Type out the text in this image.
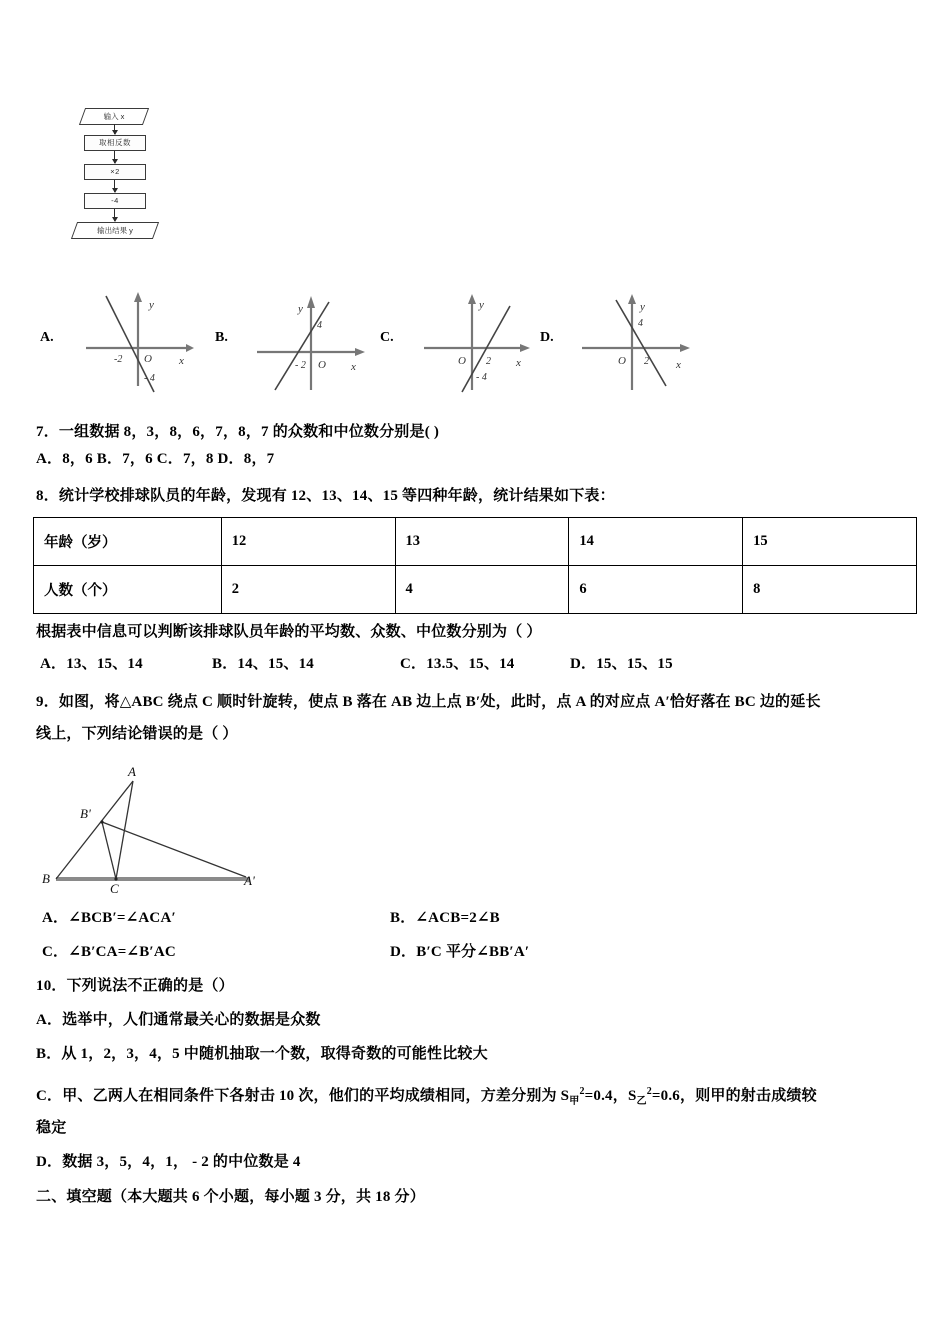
输入 x
取相反数
×2
-4
输出结果 y
A.
-2 O x
y
- 4
B.
- 2 O x
y
4
C.
O 2 x
y
- 4
D.
O 2 x
y
4
7．一组数据 8，3，8，6，7，8，7 的众数和中位数分别是( )
A．8，6 B．7，6 C．7，8 D．8，7
8．统计学校排球队员的年龄，发现有 12、13、14、15 等四种年龄，统计结果如下表：
年龄（岁）	12	13	14	15
人数（个）	2	4	6	8
根据表中信息可以判断该排球队员年龄的平均数、众数、中位数分别为（ ）
A．13、15、14	B．14、15、14	C．13.5、15、14	D．15、15、15
9．如图，将△ABC 绕点 C 顺时针旋转，使点 B 落在 AB 边上点 B′处，此时，点 A 的对应点 A′恰好落在 BC 边的延长
线上，下列结论错误的是（ ）
A
B'
B
C
A'
A．∠BCB′=∠ACA′	B．∠ACB=2∠B
C．∠B′CA=∠B′AC	D．B′C 平分∠BB′A′
10．下列说法不正确的是（）
A．选举中，人们通常最关心的数据是众数
B．从 1，2，3，4，5 中随机抽取一个数，取得奇数的可能性比较大
C．甲、乙两人在相同条件下各射击 10 次，他们的平均成绩相同，方差分别为 $S_甲^2=0.4$，$S_乙^2=0.6$，则甲的射击成绩较
稳定
D．数据 3，5，4，1， - 2 的中位数是 4
二、填空题（本大题共 6 个小题，每小题 3 分，共 18 分）
